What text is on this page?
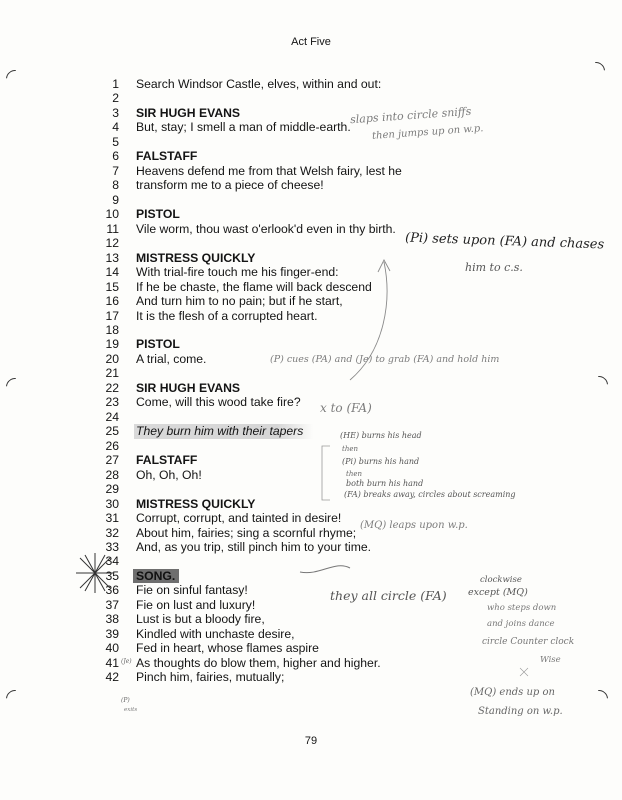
Act Five
1 Search Windsor Castle, elves, within and out:
2
3 SIR HUGH EVANS
4 But, stay; I smell a man of middle-earth.
5
6 FALSTAFF
7 Heavens defend me from that Welsh fairy, lest he
8 transform me to a piece of cheese!
9
10 PISTOL
11 Vile worm, thou wast o'erlook'd even in thy birth.
12
13 MISTRESS QUICKLY
14 With trial-fire touch me his finger-end:
15 If he be chaste, the flame will back descend
16 And turn him to no pain; but if he start,
17 It is the flesh of a corrupted heart.
18
19 PISTOL
20 A trial, come.
21
22 SIR HUGH EVANS
23 Come, will this wood take fire?
24
25 They burn him with their tapers
26
27 FALSTAFF
28 Oh, Oh, Oh!
29
30 MISTRESS QUICKLY
31 Corrupt, corrupt, and tainted in desire!
32 About him, fairies; sing a scornful rhyme;
33 And, as you trip, still pinch him to your time.
34
35 SONG.
36 Fie on sinful fantasy!
37 Fie on lust and luxury!
38 Lust is but a bloody fire,
39 Kindled with unchaste desire,
40 Fed in heart, whose flames aspire
41 As thoughts do blow them, higher and higher.
42 Pinch him, fairies, mutually;
slaps into circle sniffs
then jumps up on w.p.
(Pi) sets upon (FA) and chases
him to c.s.
(P) cues (PA) and (Je) to grab (FA) and hold him
x to (FA)
(HE) burns his head
then
(Pi) burns his hand
then
both burn his hand
(FA) breaks away, circles about screaming
(MQ) leaps upon w.p.
clockwise
they all circle (FA) except (MQ)
who steps down
and joins dance
circle Counter clock
Wise
(MQ) ends up on
Standing on w.p.
(Je)
(P)
exits
79
